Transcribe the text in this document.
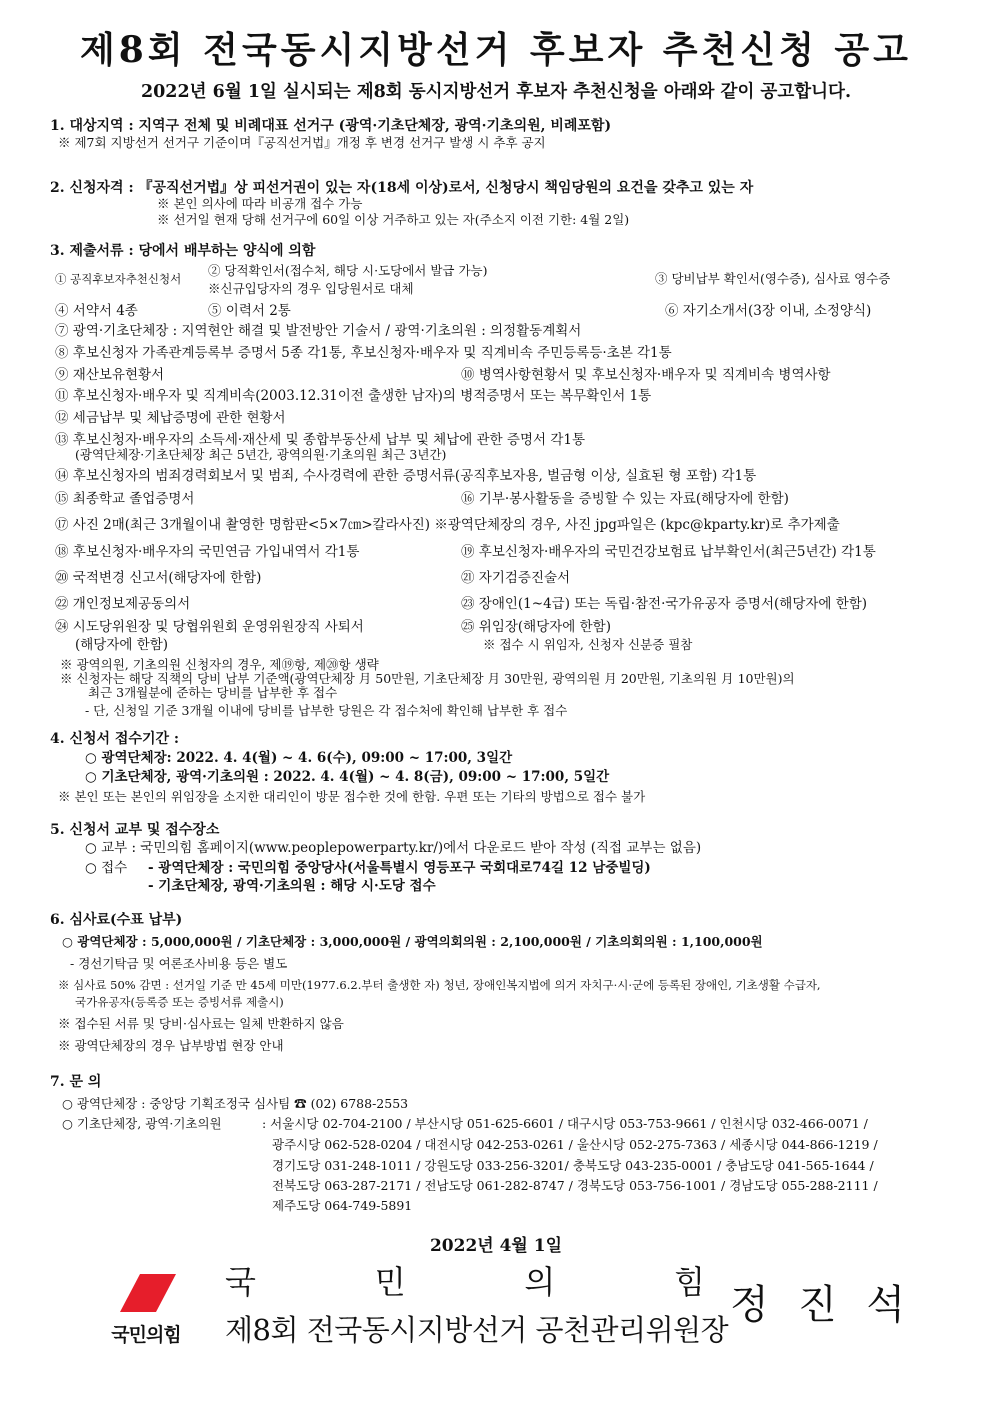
제8회 전국동시지방선거 후보자 추천신청 공고
2022년 6월 1일 실시되는 제8회 동시지방선거 후보자 추천신청을 아래와 같이 공고합니다.
1. 대상지역 : 지역구 전체 및 비례대표 선거구 (광역·기초단체장, 광역·기초의원, 비례포함)
※ 제7회 지방선거 선거구 기준이며『공직선거법』개정 후 변경 선거구 발생 시 추후 공지
2. 신청자격 : 『공직선거법』상 피선거권이 있는 자(18세 이상)로서, 신청당시 책임당원의 요건을 갖추고 있는 자
※ 본인 의사에 따라 비공개 접수 가능
※ 선거일 현재 당해 선거구에 60일 이상 거주하고 있는 자(주소지 이전 기한: 4월 2일)
3. 제출서류 : 당에서 배부하는 양식에 의함
① 공직후보자추천신청서
② 당적확인서(접수처, 해당 시·도당에서 발급 가능)
※신규입당자의 경우 입당원서로 대체
③ 당비납부 확인서(영수증), 심사료 영수증
④ 서약서 4종	⑤ 이력서 2통	⑥ 자기소개서(3장 이내, 소정양식)
⑦ 광역·기초단체장 : 지역현안 해결 및 발전방안 기술서 / 광역·기초의원 : 의정활동계획서
⑧ 후보신청자 가족관계등록부 증명서 5종 각1통, 후보신청자·배우자 및 직계비속 주민등록등·초본 각1통
⑨ 재산보유현황서	⑩ 병역사항현황서 및 후보신청자·배우자 및 직계비속 병역사항
⑪ 후보신청자·배우자 및 직계비속(2003.12.31이전 출생한 남자)의 병적증명서 또는 복무확인서 1통
⑫ 세금납부 및 체납증명에 관한 현황서
⑬ 후보신청자·배우자의 소득세·재산세 및 종합부동산세 납부 및 체납에 관한 증명서 각1통
(광역단체장·기초단체장 최근 5년간, 광역의원·기초의원 최근 3년간)
⑭ 후보신청자의 범죄경력회보서 및 범죄, 수사경력에 관한 증명서류(공직후보자용, 벌금형 이상, 실효된 형 포함) 각1통
⑮ 최종학교 졸업증명서	⑯ 기부·봉사활동을 증빙할 수 있는 자료(해당자에 한함)
⑰ 사진 2매(최근 3개월이내 촬영한 명함판<5×7㎝>칼라사진) ※광역단체장의 경우, 사진 jpg파일은 (kpc@kparty.kr)로 추가제출
⑱ 후보신청자·배우자의 국민연금 가입내역서 각1통	⑲ 후보신청자·배우자의 국민건강보험료 납부확인서(최근5년간) 각1통
⑳ 국적변경 신고서(해당자에 한함)	㉑ 자기검증진술서
㉒ 개인정보제공동의서	㉓ 장애인(1~4급) 또는 독립·참전·국가유공자 증명서(해당자에 한함)
㉔ 시도당위원장 및 당협위원회 운영위원장직 사퇴서
(해당자에 한함)
㉕ 위임장(해당자에 한함)
※ 접수 시 위임자, 신청자 신분증 필참
※ 광역의원, 기초의원 신청자의 경우, 제⑲항, 제⑳항 생략
※ 신청자는 해당 직책의 당비 납부 기준액(광역단체장 月 50만원, 기초단체장 月 30만원, 광역의원 月 20만원, 기초의원 月 10만원)의
최근 3개월분에 준하는 당비를 납부한 후 접수
- 단, 신청일 기준 3개월 이내에 당비를 납부한 당원은 각 접수처에 확인해 납부한 후 접수
4. 신청서 접수기간 :
○ 광역단체장: 2022. 4. 4(월) ~ 4. 6(수), 09:00 ~ 17:00, 3일간
○ 기초단체장, 광역·기초의원 : 2022. 4. 4(월) ~ 4. 8(금), 09:00 ~ 17:00, 5일간
※ 본인 또는 본인의 위임장을 소지한 대리인이 방문 접수한 것에 한함. 우편 또는 기타의 방법으로 접수 불가
5. 신청서 교부 및 접수장소
○ 교부 : 국민의힘 홈페이지(www.peoplepowerparty.kr/)에서 다운로드 받아 작성 (직접 교부는 없음)
○ 접수 - 광역단체장 : 국민의힘 중앙당사(서울특별시 영등포구 국회대로74길 12 남중빌딩)
- 기초단체장, 광역·기초의원 : 해당 시·도당 접수
6. 심사료(수표 납부)
○ 광역단체장 : 5,000,000원 / 기초단체장 : 3,000,000원 / 광역의회의원 : 2,100,000원 / 기초의회의원 : 1,100,000원
- 경선기탁금 및 여론조사비용 등은 별도
※ 심사료 50% 감면 : 선거일 기준 만 45세 미만(1977.6.2.부터 출생한 자) 청년, 장애인복지법에 의거 자치구·시·군에 등록된 장애인, 기초생활 수급자,
국가유공자(등록증 또는 증빙서류 제출시)
※ 접수된 서류 및 당비·심사료는 일체 반환하지 않음
※ 광역단체장의 경우 납부방법 현장 안내
7. 문 의
○ 광역단체장 : 중앙당 기획조정국 심사팀 ☎ (02) 6788-2553
○ 기초단체장, 광역·기초의원	: 서울시당 02-704-2100 / 부산시당 051-625-6601 / 대구시당 053-753-9661 / 인천시당 032-466-0071 /
광주시당 062-528-0204 / 대전시당 042-253-0261 / 울산시당 052-275-7363 / 세종시당 044-866-1219 /
경기도당 031-248-1011 / 강원도당 033-256-3201/ 충북도당 043-235-0001 / 충남도당 041-565-1644 /
전북도당 063-287-2171 / 전남도당 061-282-8747 / 경북도당 053-756-1001 / 경남도당 055-288-2111 /
제주도당 064-749-5891
2022년 4월 1일
국민의힘
국	민	의	힘
제8회 전국동시지방선거 공천관리위원장
정 진 석
